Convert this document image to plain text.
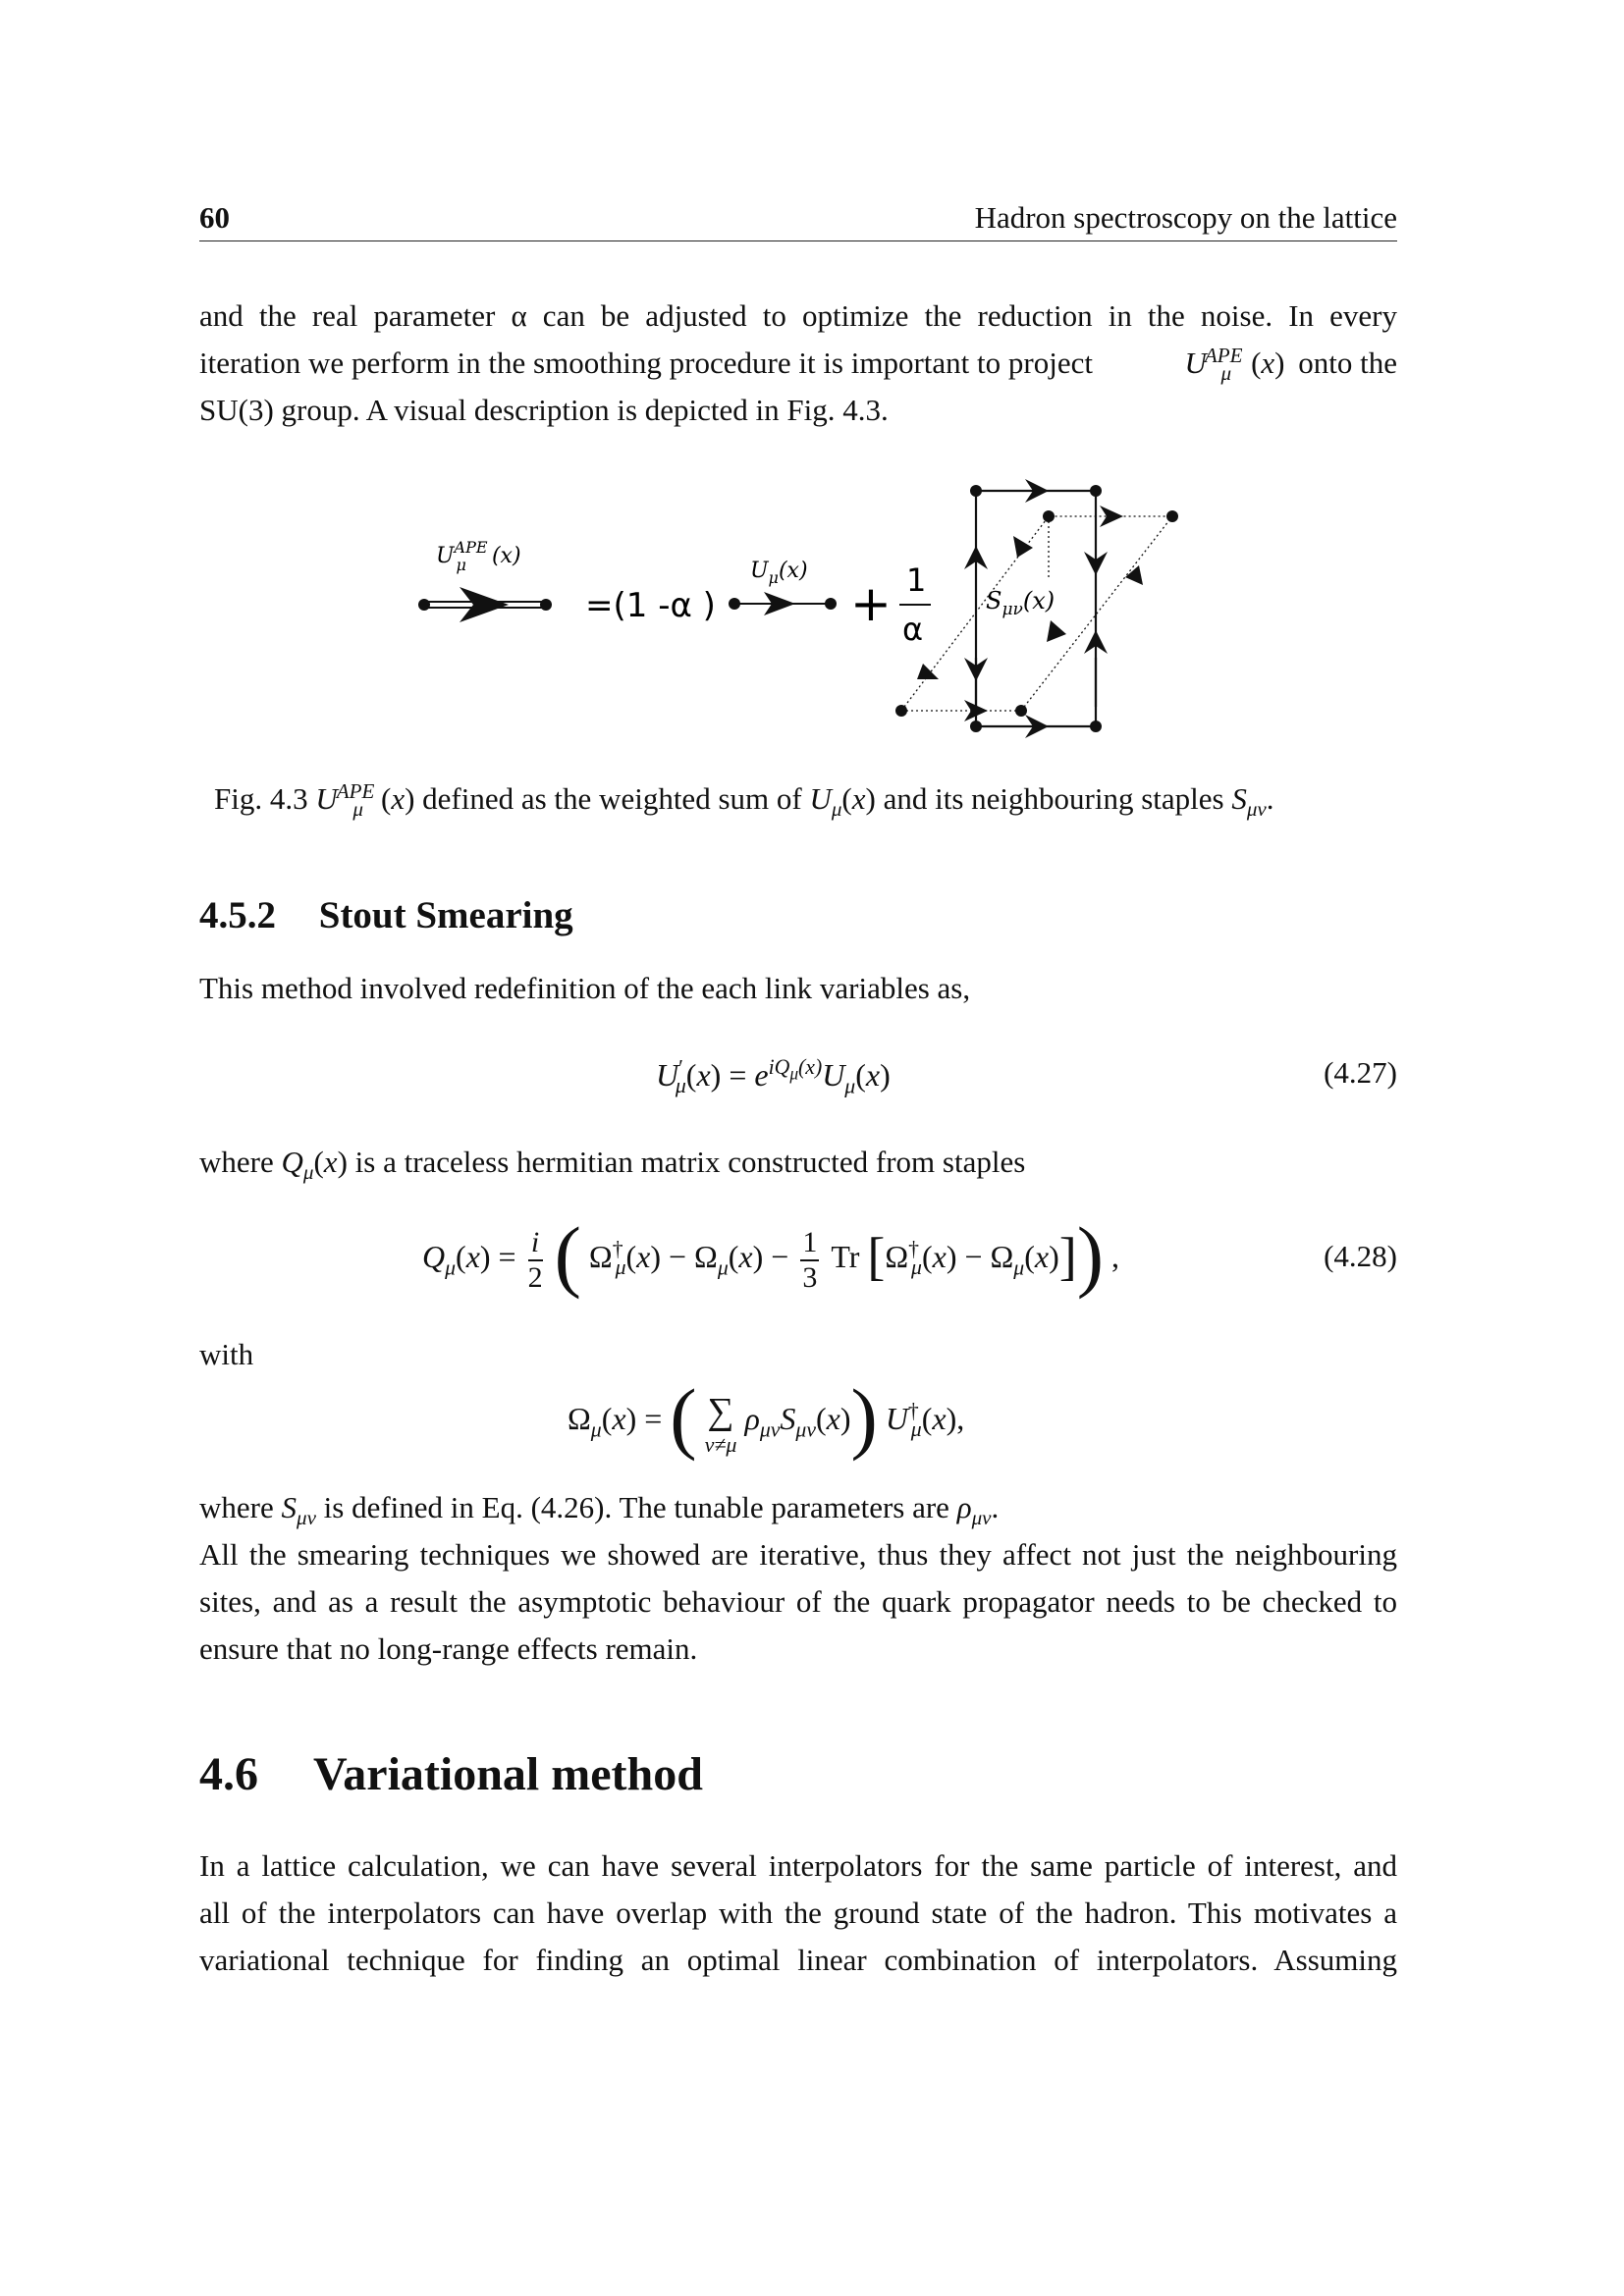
60	Hadron spectroscopy on the lattice
and the real parameter α can be adjusted to optimize the reduction in the noise. In every
iteration we perform in the smoothing procedure it is important to project	$U^{APE}_\mu$ (x) onto the
SU(3) group. A visual description is depicted in Fig. 4.3.
$U^{APE}$ μ (x)
=(1 -α )
$U_\mu(x)$
+ 1
α
$S_{\mu\nu}(x)$
Fig. 4.3 $U^{APE}_\mu$ (x) defined as the weighted sum of $U_\mu(x)$ and its neighbouring staples $S_{\mu\nu}$.
4.5.2 Stout Smearing
This method involved redefinition of the each link variables as,
$U'_\mu(x) = e^{iQ_\mu(x)}U_\mu(x)$	(4.27)
where $Q_\mu(x)$ is a traceless hermitian matrix constructed from staples
$Q_\mu(x) = \frac{i}{2}$ ( $\Omega^\dagger_\mu(x) - \Omega_\mu(x) - \frac{1}{3}$ Tr $[\Omega^\dagger_\mu(x) - \Omega_\mu(x)]$) ,	(4.28)
with
$\Omega_\mu(x)$ = ( ∑
ν≠μ
$\rho_{\mu\nu}S_{\mu\nu}(x)$) $U^\dagger_\mu(x)$,
where $S_{\mu\nu}$ is defined in Eq. (4.26). The tunable parameters are $\rho_{\mu\nu}$.
All the smearing techniques we showed are iterative, thus they affect not just the neighbouring
sites, and as a result the asymptotic behaviour of the quark propagator needs to be checked to
ensure that no long-range effects remain.
4.6 Variational method
In a lattice calculation, we can have several interpolators for the same particle of interest, and
all of the interpolators can have overlap with the ground state of the hadron. This motivates a
variational technique for finding an optimal linear combination of interpolators. Assuming
